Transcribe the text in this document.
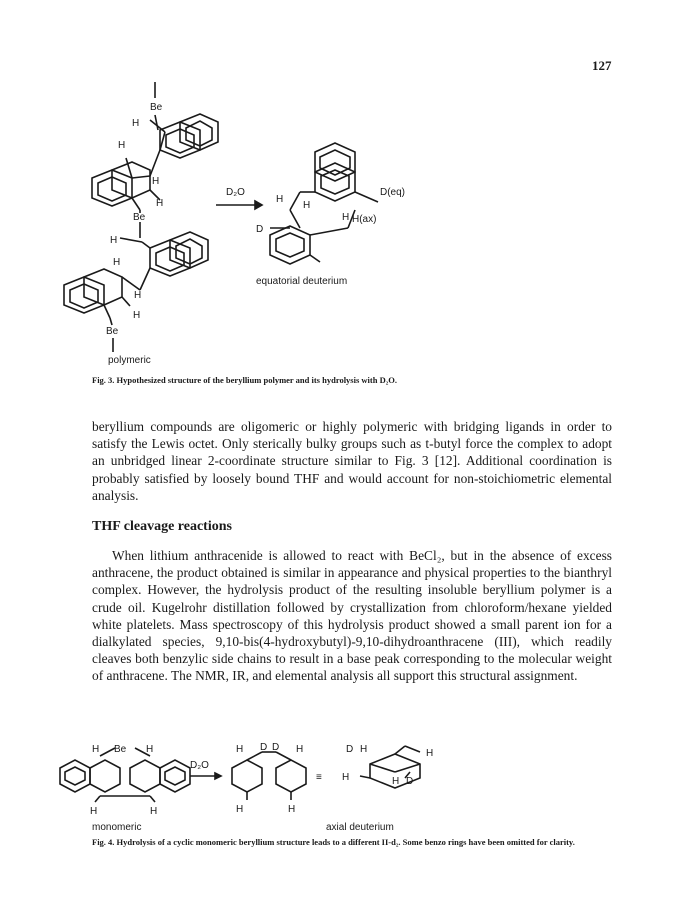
127
Be
H
H
H
H
Be
H
H
H
H
Be
polymeric
D₂O
H
H
D
H
D(eq)
H(ax)
equatorial deuterium
Fig. 3. Hypothesized structure of the beryllium polymer and its hydrolysis with D₂O.

beryllium compounds are oligomeric or highly polymeric with bridging ligands in order to satisfy the Lewis octet. Only sterically bulky groups such as t-butyl force the complex to adopt an unbridged linear 2-coordinate structure similar to Fig. 3 [12]. Additional coordination is probably satisfied by loosely bound THF and would account for non-stoichiometric elemental analysis.

THF cleavage reactions

When lithium anthracenide is allowed to react with BeCl₂, but in the absence of excess anthracene, the product obtained is similar in appearance and physical properties to the bianthryl complex. However, the hydrolysis product of the resulting insoluble beryllium polymer is a crude oil. Kugelrohr distillation followed by crystallization from chloroform/hexane yielded white platelets. Mass spectroscopy of this hydrolysis product showed a small parent ion for a dialkylated species, 9,10-bis(4-hydroxybutyl)-9,10-dihydroanthracene (III), which readily cleaves both benzylic side chains to result in a base peak corresponding to the molecular weight of anthracene. The NMR, IR, and elemental analysis all support this structural assignment.

H Be H
H	H
D₂O
H D D H
H	H
≡
D H	H
H	H D
monomeric	axial deuterium
Fig. 4. Hydrolysis of a cyclic monomeric beryllium structure leads to a different II-d₂. Some benzo rings have been omitted for clarity.
